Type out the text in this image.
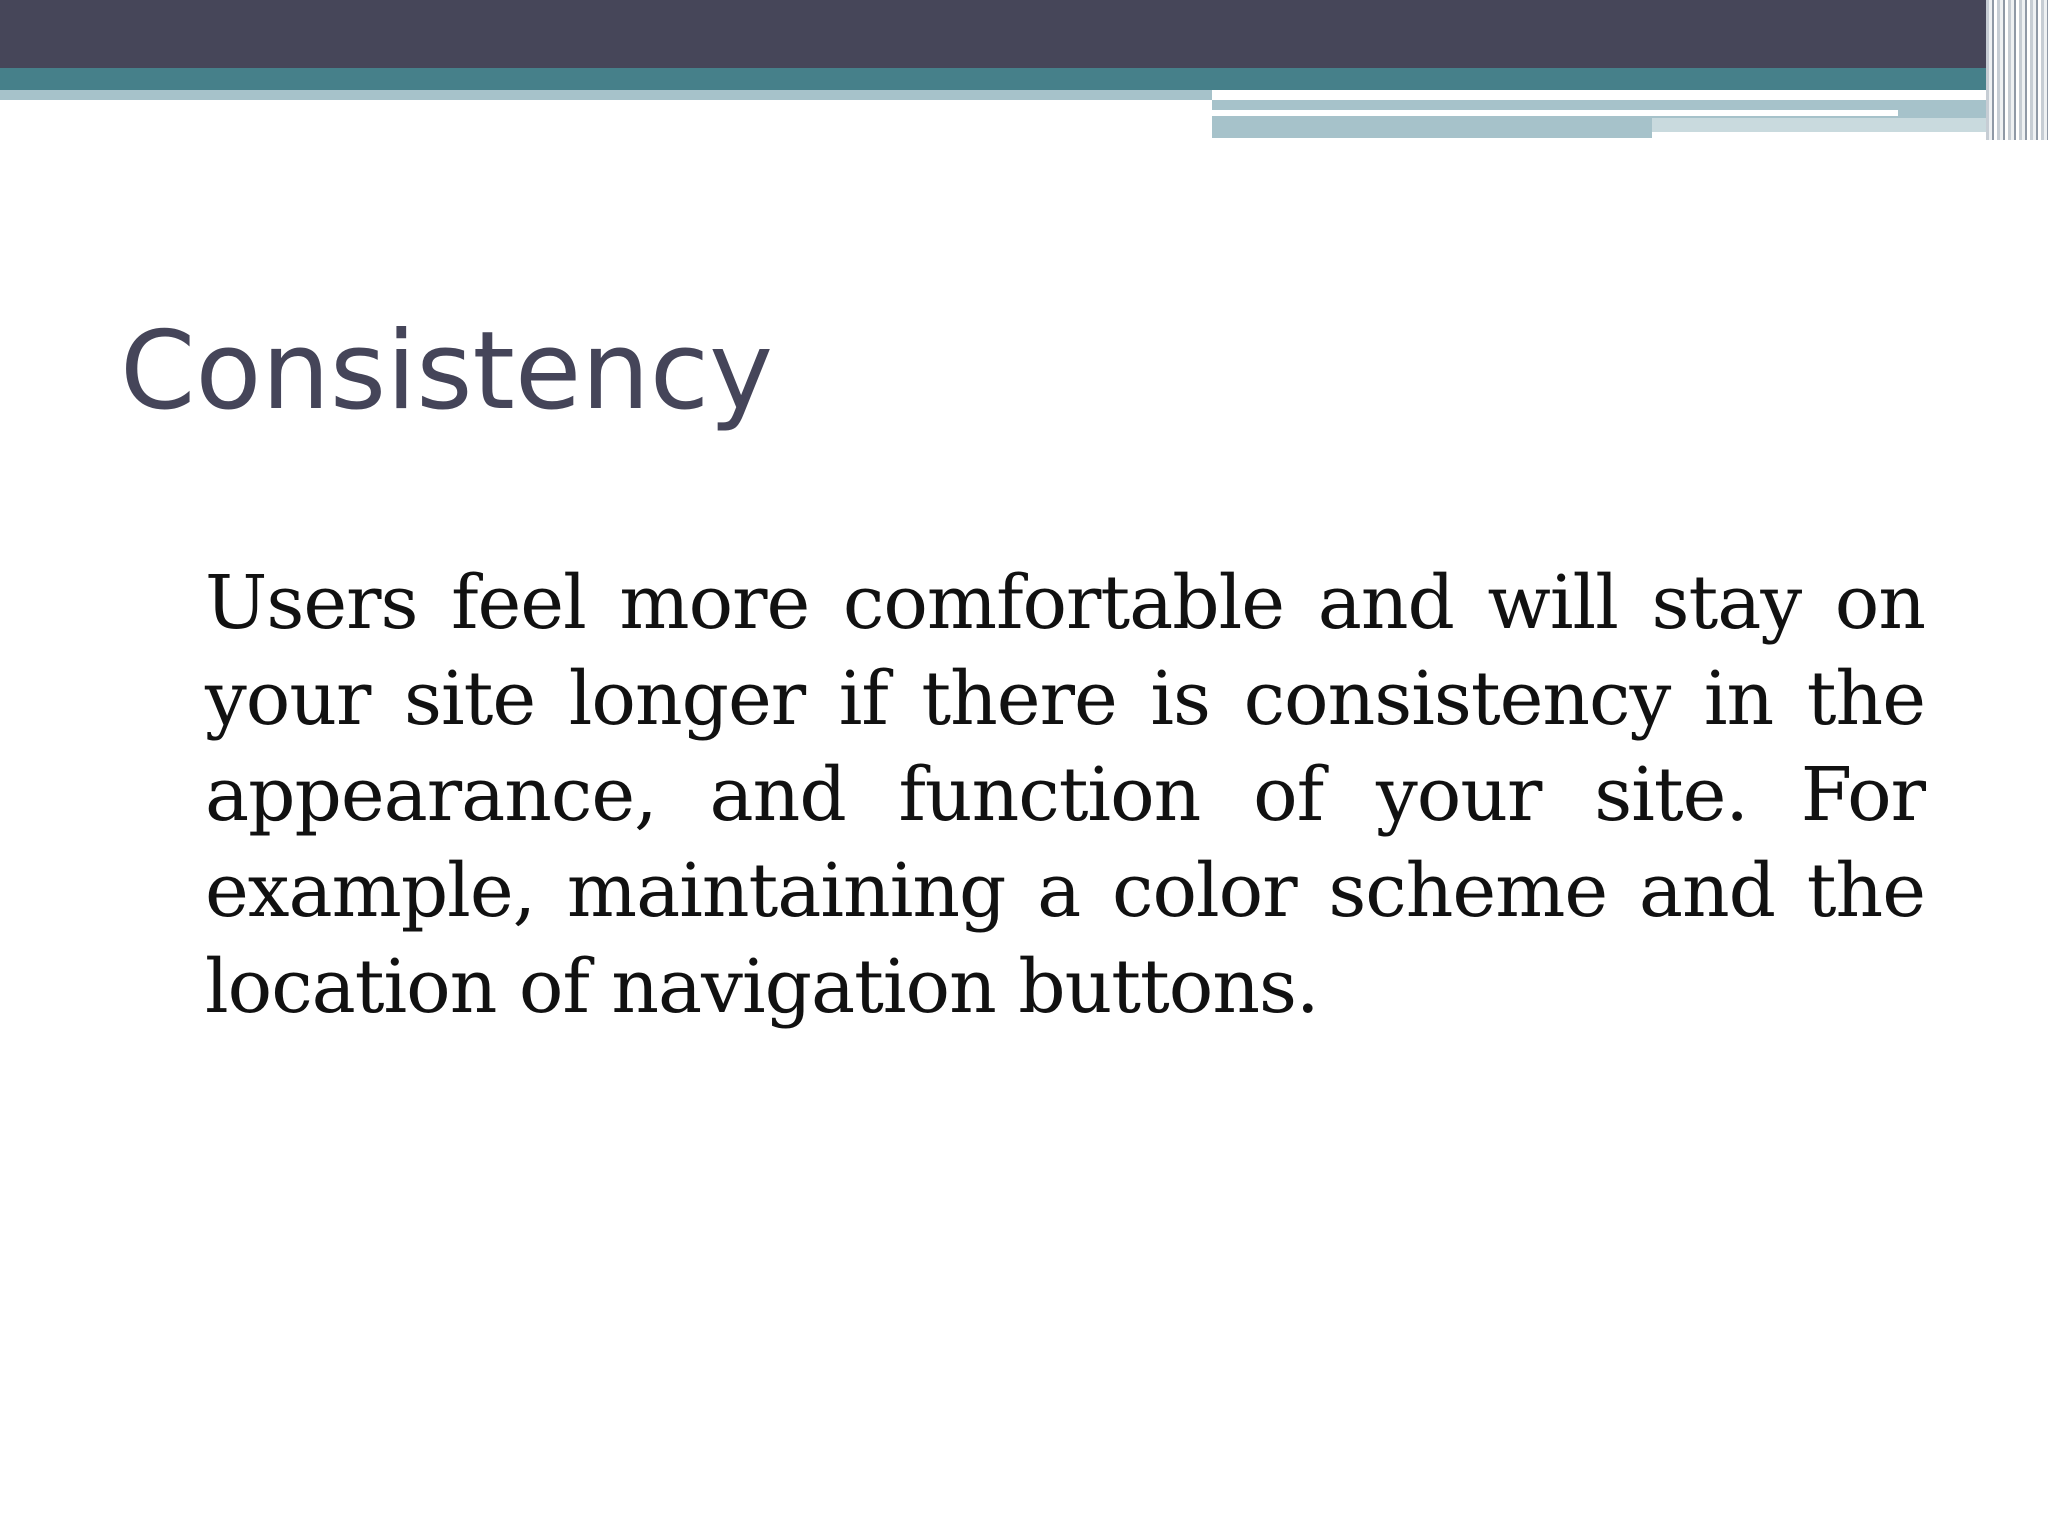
Consistency

Users feel more comfortable and will stay on your site longer if there is consistency in the appearance, and function of your site. For example, maintaining a color scheme and the location of navigation buttons.
